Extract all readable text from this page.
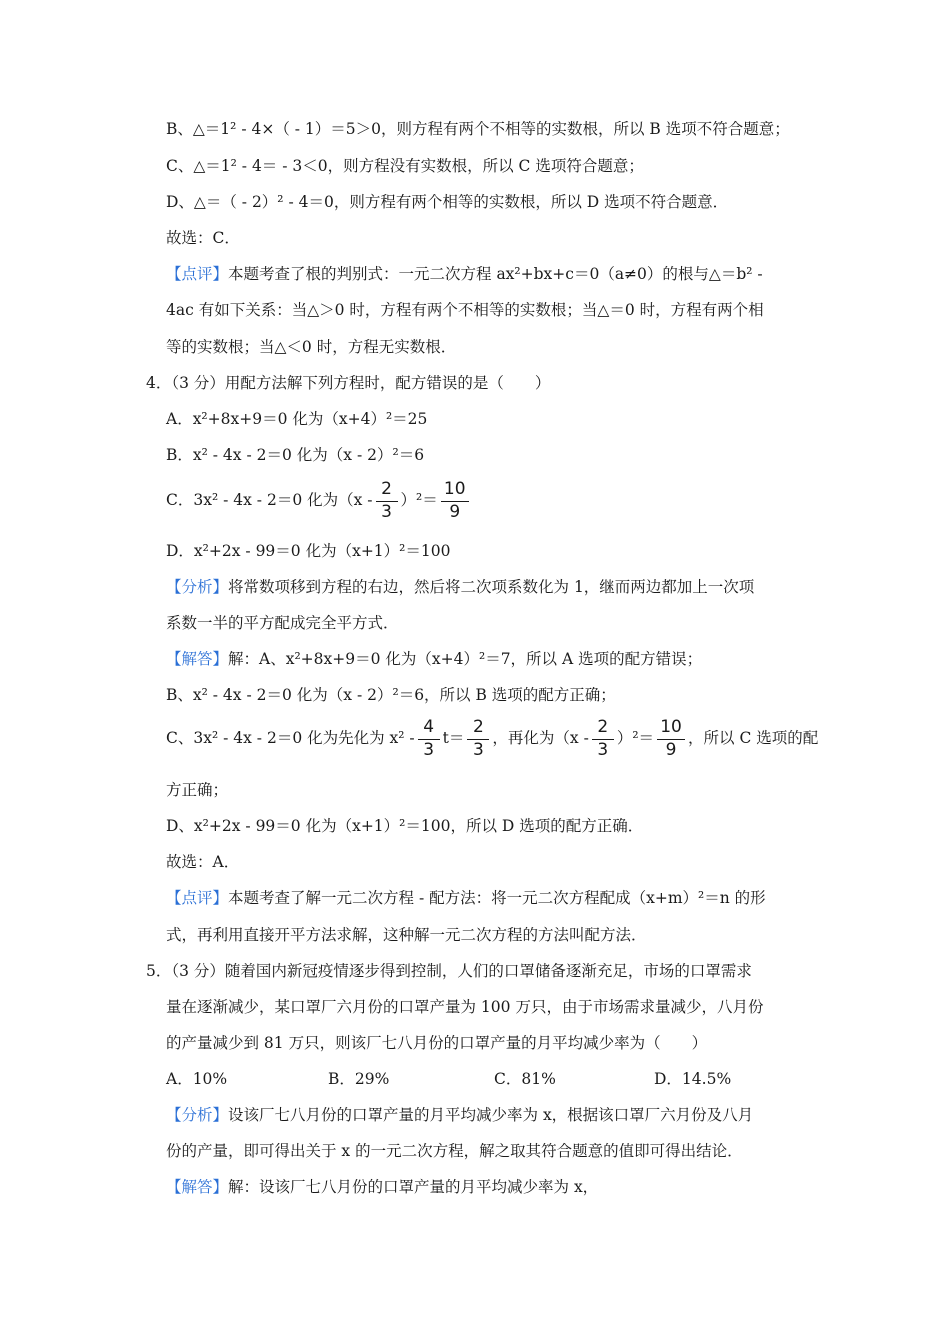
B、△＝1² - 4×（ - 1）＝5＞0，则方程有两个不相等的实数根，所以 B 选项不符合题意；
C、△＝1² - 4＝ - 3＜0，则方程没有实数根，所以 C 选项符合题意；
D、△＝（ - 2）² - 4＝0，则方程有两个相等的实数根，所以 D 选项不符合题意．
故选：C．
【点评】本题考查了根的判别式：一元二次方程 ax²+bx+c＝0（a≠0）的根与△＝b² -
4ac 有如下关系：当△＞0 时，方程有两个不相等的实数根；当△＝0 时，方程有两个相
等的实数根；当△＜0 时，方程无实数根．
4．（3 分）用配方法解下列方程时，配方错误的是（　　）
A．x²+8x+9＝0 化为（x+4）²＝25
B．x² - 4x - 2＝0 化为（x - 2）²＝6
C．3x² - 4x - 2＝0 化为$(x - \frac{2}{3} )^2= \frac{10}{9}$
D．x²+2x - 99＝0 化为（x+1）²＝100
【分析】将常数项移到方程的右边，然后将二次项系数化为 1，继而两边都加上一次项
系数一半的平方配成完全平方式．
【解答】解：A、x²+8x+9＝0 化为（x+4）²＝7，所以 A 选项的配方错误；
B、x² - 4x - 2＝0 化为（x - 2）²＝6，所以 B 选项的配方正确；
C、3x² - 4x - 2＝0 化为先化为 $x^2 - \frac{4}{3} t= \frac{2}{3}$ ，再化为$(x - \frac{2}{3} )^2= \frac{10}{9}$ ，所以 C 选项的配
方正确；
D、x²+2x - 99＝0 化为（x+1）²＝100，所以 D 选项的配方正确．
故选：A．
【点评】本题考查了解一元二次方程 - 配方法：将一元二次方程配成（x+m）²＝n 的形
式，再利用直接开平方法求解，这种解一元二次方程的方法叫配方法．
5．（3 分）随着国内新冠疫情逐步得到控制，人们的口罩储备逐渐充足，市场的口罩需求
量在逐渐减少，某口罩厂六月份的口罩产量为 100 万只，由于市场需求量减少，八月份
的产量减少到 81 万只，则该厂七八月份的口罩产量的月平均减少率为（　　）
A．10%	B．29%	C．81%	D．14.5%
【分析】设该厂七八月份的口罩产量的月平均减少率为 x，根据该口罩厂六月份及八月
份的产量，即可得出关于 x 的一元二次方程，解之取其符合题意的值即可得出结论．
【解答】解：设该厂七八月份的口罩产量的月平均减少率为 x，
